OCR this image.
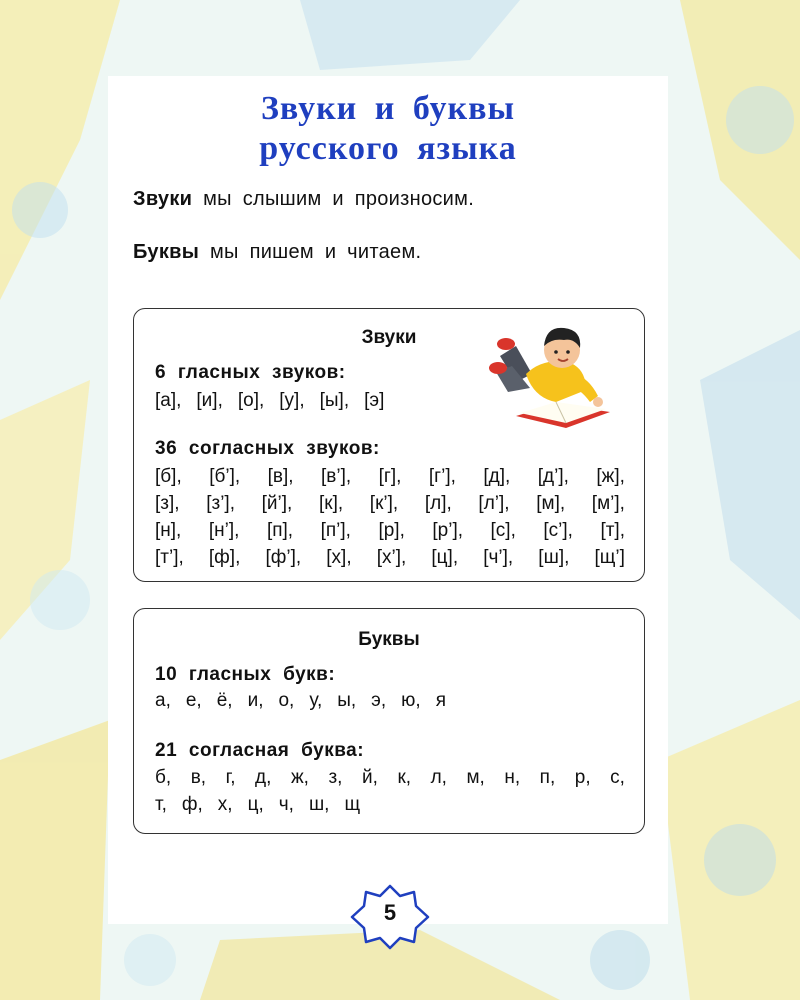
Звуки и буквы
русского языка
Звуки мы слышим и произносим.
Буквы мы пишем и читаем.
Звуки
6 гласных звуков:
[а], [и], [о], [у], [ы], [э]
36 согласных звуков:
[б], [б’], [в], [в’], [г], [г’], [д], [д’], [ж],
[з], [з’], [й’], [к], [к’], [л], [л’], [м], [м’],
[н], [н’], [п], [п’], [р], [р’], [с], [с’], [т],
[т’], [ф], [ф’], [х], [х’], [ц], [ч’], [ш], [щ’]
Буквы
10 гласных букв:
а, е, ё, и, о, у, ы, э, ю, я
21 согласная буква:
б, в, г, д, ж, з, й, к, л, м, н, п, р, с,
т, ф, х, ц, ч, ш, щ
5
